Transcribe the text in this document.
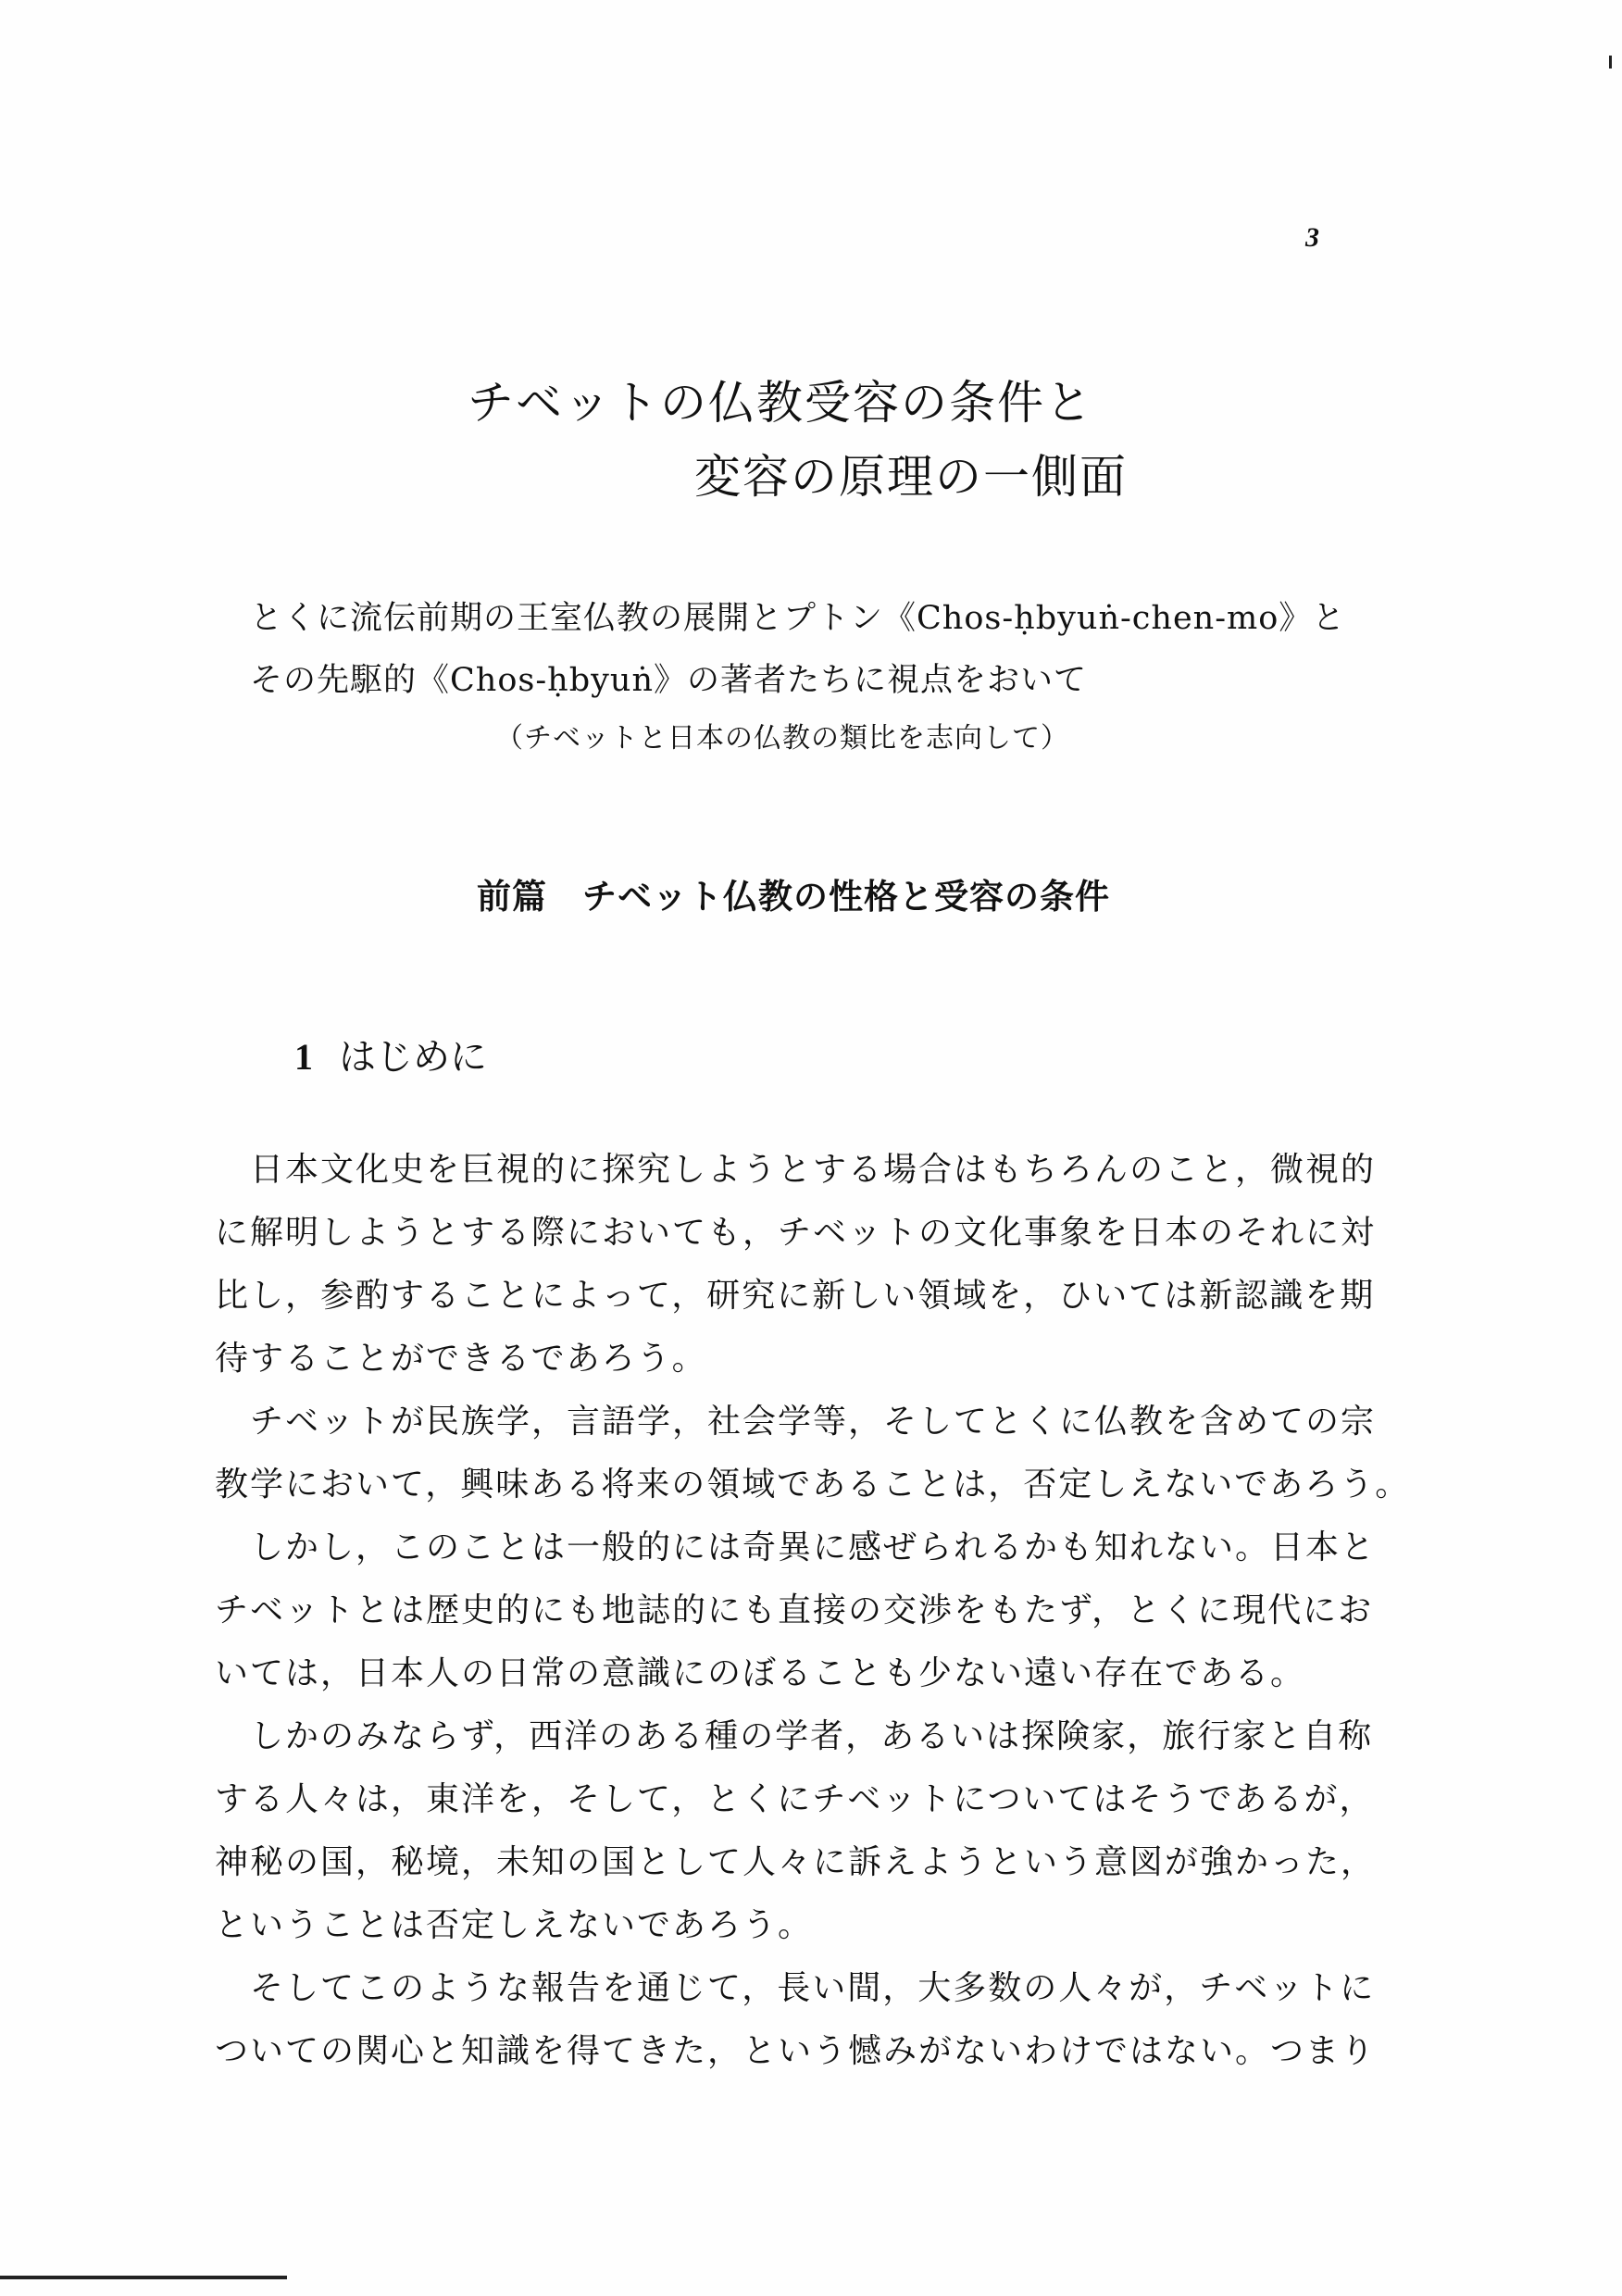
3
チベットの仏教受容の条件と
変容の原理の一側面
とくに流伝前期の王室仏教の展開とプトン《Chos-ḥbyuṅ-chen-mo》と
その先駆的《Chos-ḥbyuṅ》の著者たちに視点をおいて
（チベットと日本の仏教の類比を志向して）
前篇　チベット仏教の性格と受容の条件
1 はじめに
日本文化史を巨視的に探究しようとする場合はもちろんのこと，微視的
に解明しようとする際においても，チベットの文化事象を日本のそれに対
比し，参酌することによって，研究に新しい領域を，ひいては新認識を期
待することができるであろう。
チベットが民族学，言語学，社会学等，そしてとくに仏教を含めての宗
教学において，興味ある将来の領域であることは，否定しえないであろう。
しかし，このことは一般的には奇異に感ぜられるかも知れない。日本と
チベットとは歴史的にも地誌的にも直接の交渉をもたず，とくに現代にお
いては，日本人の日常の意識にのぼることも少ない遠い存在である。
しかのみならず，西洋のある種の学者，あるいは探険家，旅行家と自称
する人々は，東洋を，そして，とくにチベットについてはそうであるが，
神秘の国，秘境，未知の国として人々に訴えようという意図が強かった，
ということは否定しえないであろう。
そしてこのような報告を通じて，長い間，大多数の人々が，チベットに
ついての関心と知識を得てきた，という憾みがないわけではない。つまり
